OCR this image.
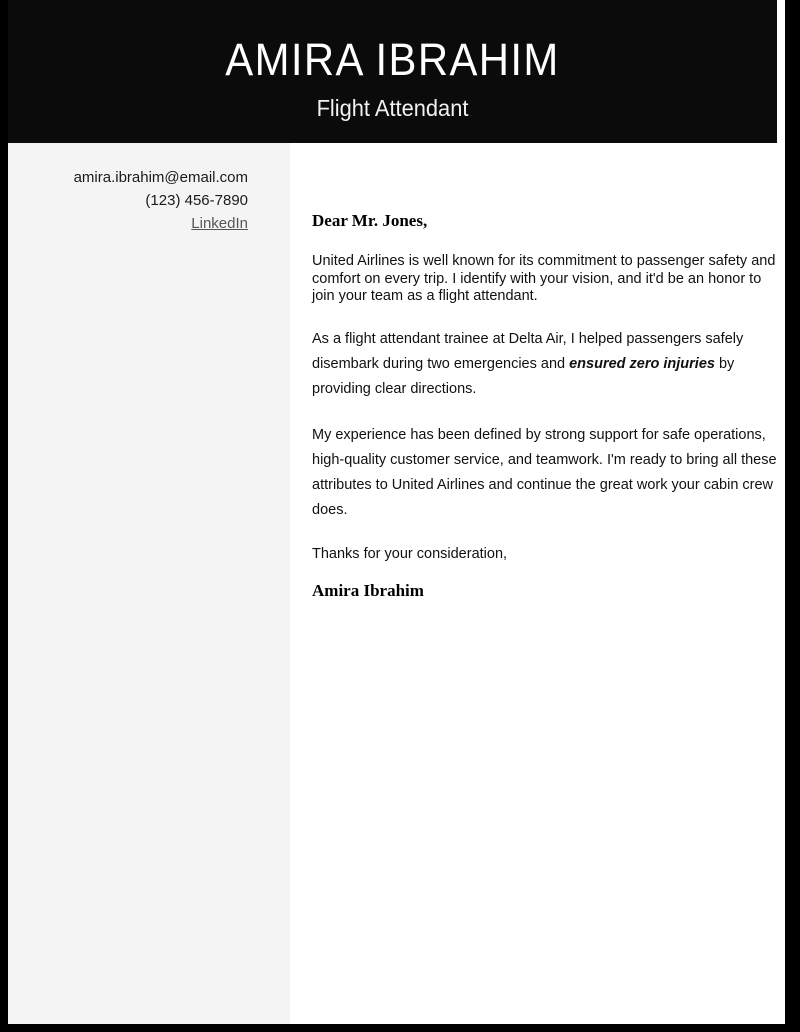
AMIRA IBRAHIM
Flight Attendant
amira.ibrahim@email.com
(123) 456-7890
LinkedIn	Dear Mr. Jones,

United Airlines is well known for its commitment to passenger safety and comfort on every trip. I identify with your vision, and it'd be an honor to join your team as a flight attendant.

As a flight attendant trainee at Delta Air, I helped passengers safely disembark during two emergencies and ensured zero injuries by providing clear directions.

My experience has been defined by strong support for safe operations, high-quality customer service, and teamwork. I'm ready to bring all these attributes to United Airlines and continue the great work your cabin crew does.

Thanks for your consideration,

Amira Ibrahim
